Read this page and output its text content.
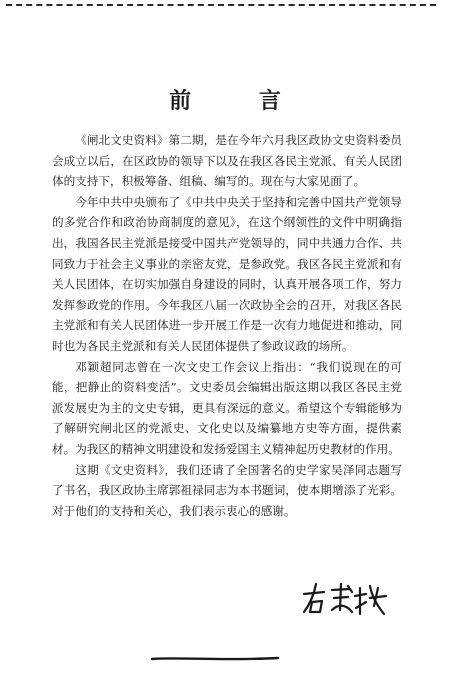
前 言

《闸北文史资料》第二期，是在今年六月我区政协文史资料委员会成立以后，在区政协的领导下以及在我区各民主党派、有关人民团体的支持下，积极筹备、组稿、编写的。现在与大家见面了。

今年中共中央颁布了《中共中央关于坚持和完善中国共产党领导的多党合作和政治协商制度的意见》，在这个纲领性的文件中明确指出，我国各民主党派是接受中国共产党领导的，同中共通力合作、共同致力于社会主义事业的亲密友党，是参政党。我区各民主党派和有关人民团体，在切实加强自身建设的同时，认真开展各项工作，努力发挥参政党的作用。今年我区八届一次政协全会的召开，对我区各民主党派和有关人民团体进一步开展工作是一次有力地促进和推动，同时也为各民主党派和有关人民团体提供了参政议政的场所。

邓颖超同志曾在一次文史工作会议上指出：“我们说现在的可能，把静止的资料变活”。文史委员会编辑出版这期以我区各民主党派发展史为主的文史专辑，更具有深远的意义。希望这个专辑能够为了解研究闸北区的党派史、文化史以及编纂地方史等方面，提供素材。为我区的精神文明建设和发扬爱国主义精神起历史教材的作用。

这期《文史资料》，我们还请了全国著名的史学家吴泽同志题写了书名，我区政协主席郭祖禄同志为本书题词，使本期增添了光彩。对于他们的支持和关心，我们表示衷心的感谢。
